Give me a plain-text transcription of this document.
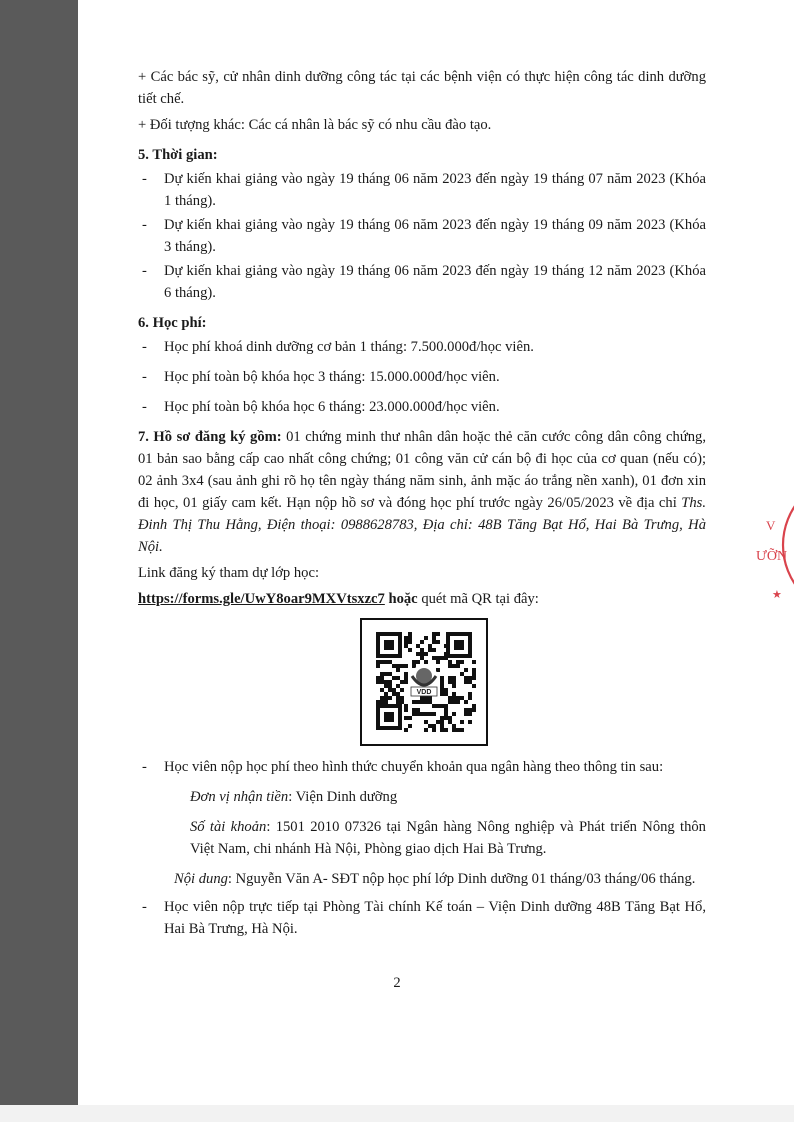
V
ƯỠN
★

+ Các bác sỹ, cử nhân dinh dưỡng công tác tại các bệnh viện có thực hiện công tác dinh dưỡng tiết chế.

+ Đối tượng khác: Các cá nhân là bác sỹ có nhu cầu đào tạo.

5. Thời gian:

- Dự kiến khai giảng vào ngày 19 tháng 06 năm 2023 đến ngày 19 tháng 07 năm 2023 (Khóa 1 tháng).
- Dự kiến khai giảng vào ngày 19 tháng 06 năm 2023 đến ngày 19 tháng 09 năm 2023 (Khóa 3 tháng).
- Dự kiến khai giảng vào ngày 19 tháng 06 năm 2023 đến ngày 19 tháng 12 năm 2023 (Khóa 6 tháng).

6. Học phí:

- Học phí khoá dinh dưỡng cơ bản 1 tháng: 7.500.000đ/học viên.
- Học phí toàn bộ khóa học 3 tháng: 15.000.000đ/học viên.
- Học phí toàn bộ khóa học 6 tháng: 23.000.000đ/học viên.

7. Hồ sơ đăng ký gồm: 01 chứng minh thư nhân dân hoặc thẻ căn cước công dân công chứng, 01 bản sao bằng cấp cao nhất công chứng; 01 công văn cử cán bộ đi học của cơ quan (nếu có); 02 ảnh 3x4 (sau ảnh ghi rõ họ tên ngày tháng năm sinh, ảnh mặc áo trắng nền xanh), 01 đơn xin đi học, 01 giấy cam kết. Hạn nộp hồ sơ và đóng học phí trước ngày 26/05/2023 về địa chỉ Ths. Đinh Thị Thu Hằng, Điện thoại: 0988628783, Địa chỉ: 48B Tăng Bạt Hổ, Hai Bà Trưng, Hà Nội.

Link đăng ký tham dự lớp học:

https://forms.gle/UwY8oar9MXVtsxzc7 hoặc quét mã QR tại đây:

VDD
- Học viên nộp học phí theo hình thức chuyển khoản qua ngân hàng theo thông tin sau:

Đơn vị nhận tiền: Viện Dinh dưỡng

Số tài khoản: 1501 2010 07326 tại Ngân hàng Nông nghiệp và Phát triển Nông thôn Việt Nam, chi nhánh Hà Nội, Phòng giao dịch Hai Bà Trưng.

Nội dung: Nguyễn Văn A- SĐT nộp học phí lớp Dinh dưỡng 01 tháng/03 tháng/06 tháng.

- Học viên nộp trực tiếp tại Phòng Tài chính Kế toán – Viện Dinh dưỡng 48B Tăng Bạt Hổ, Hai Bà Trưng, Hà Nội.
2
